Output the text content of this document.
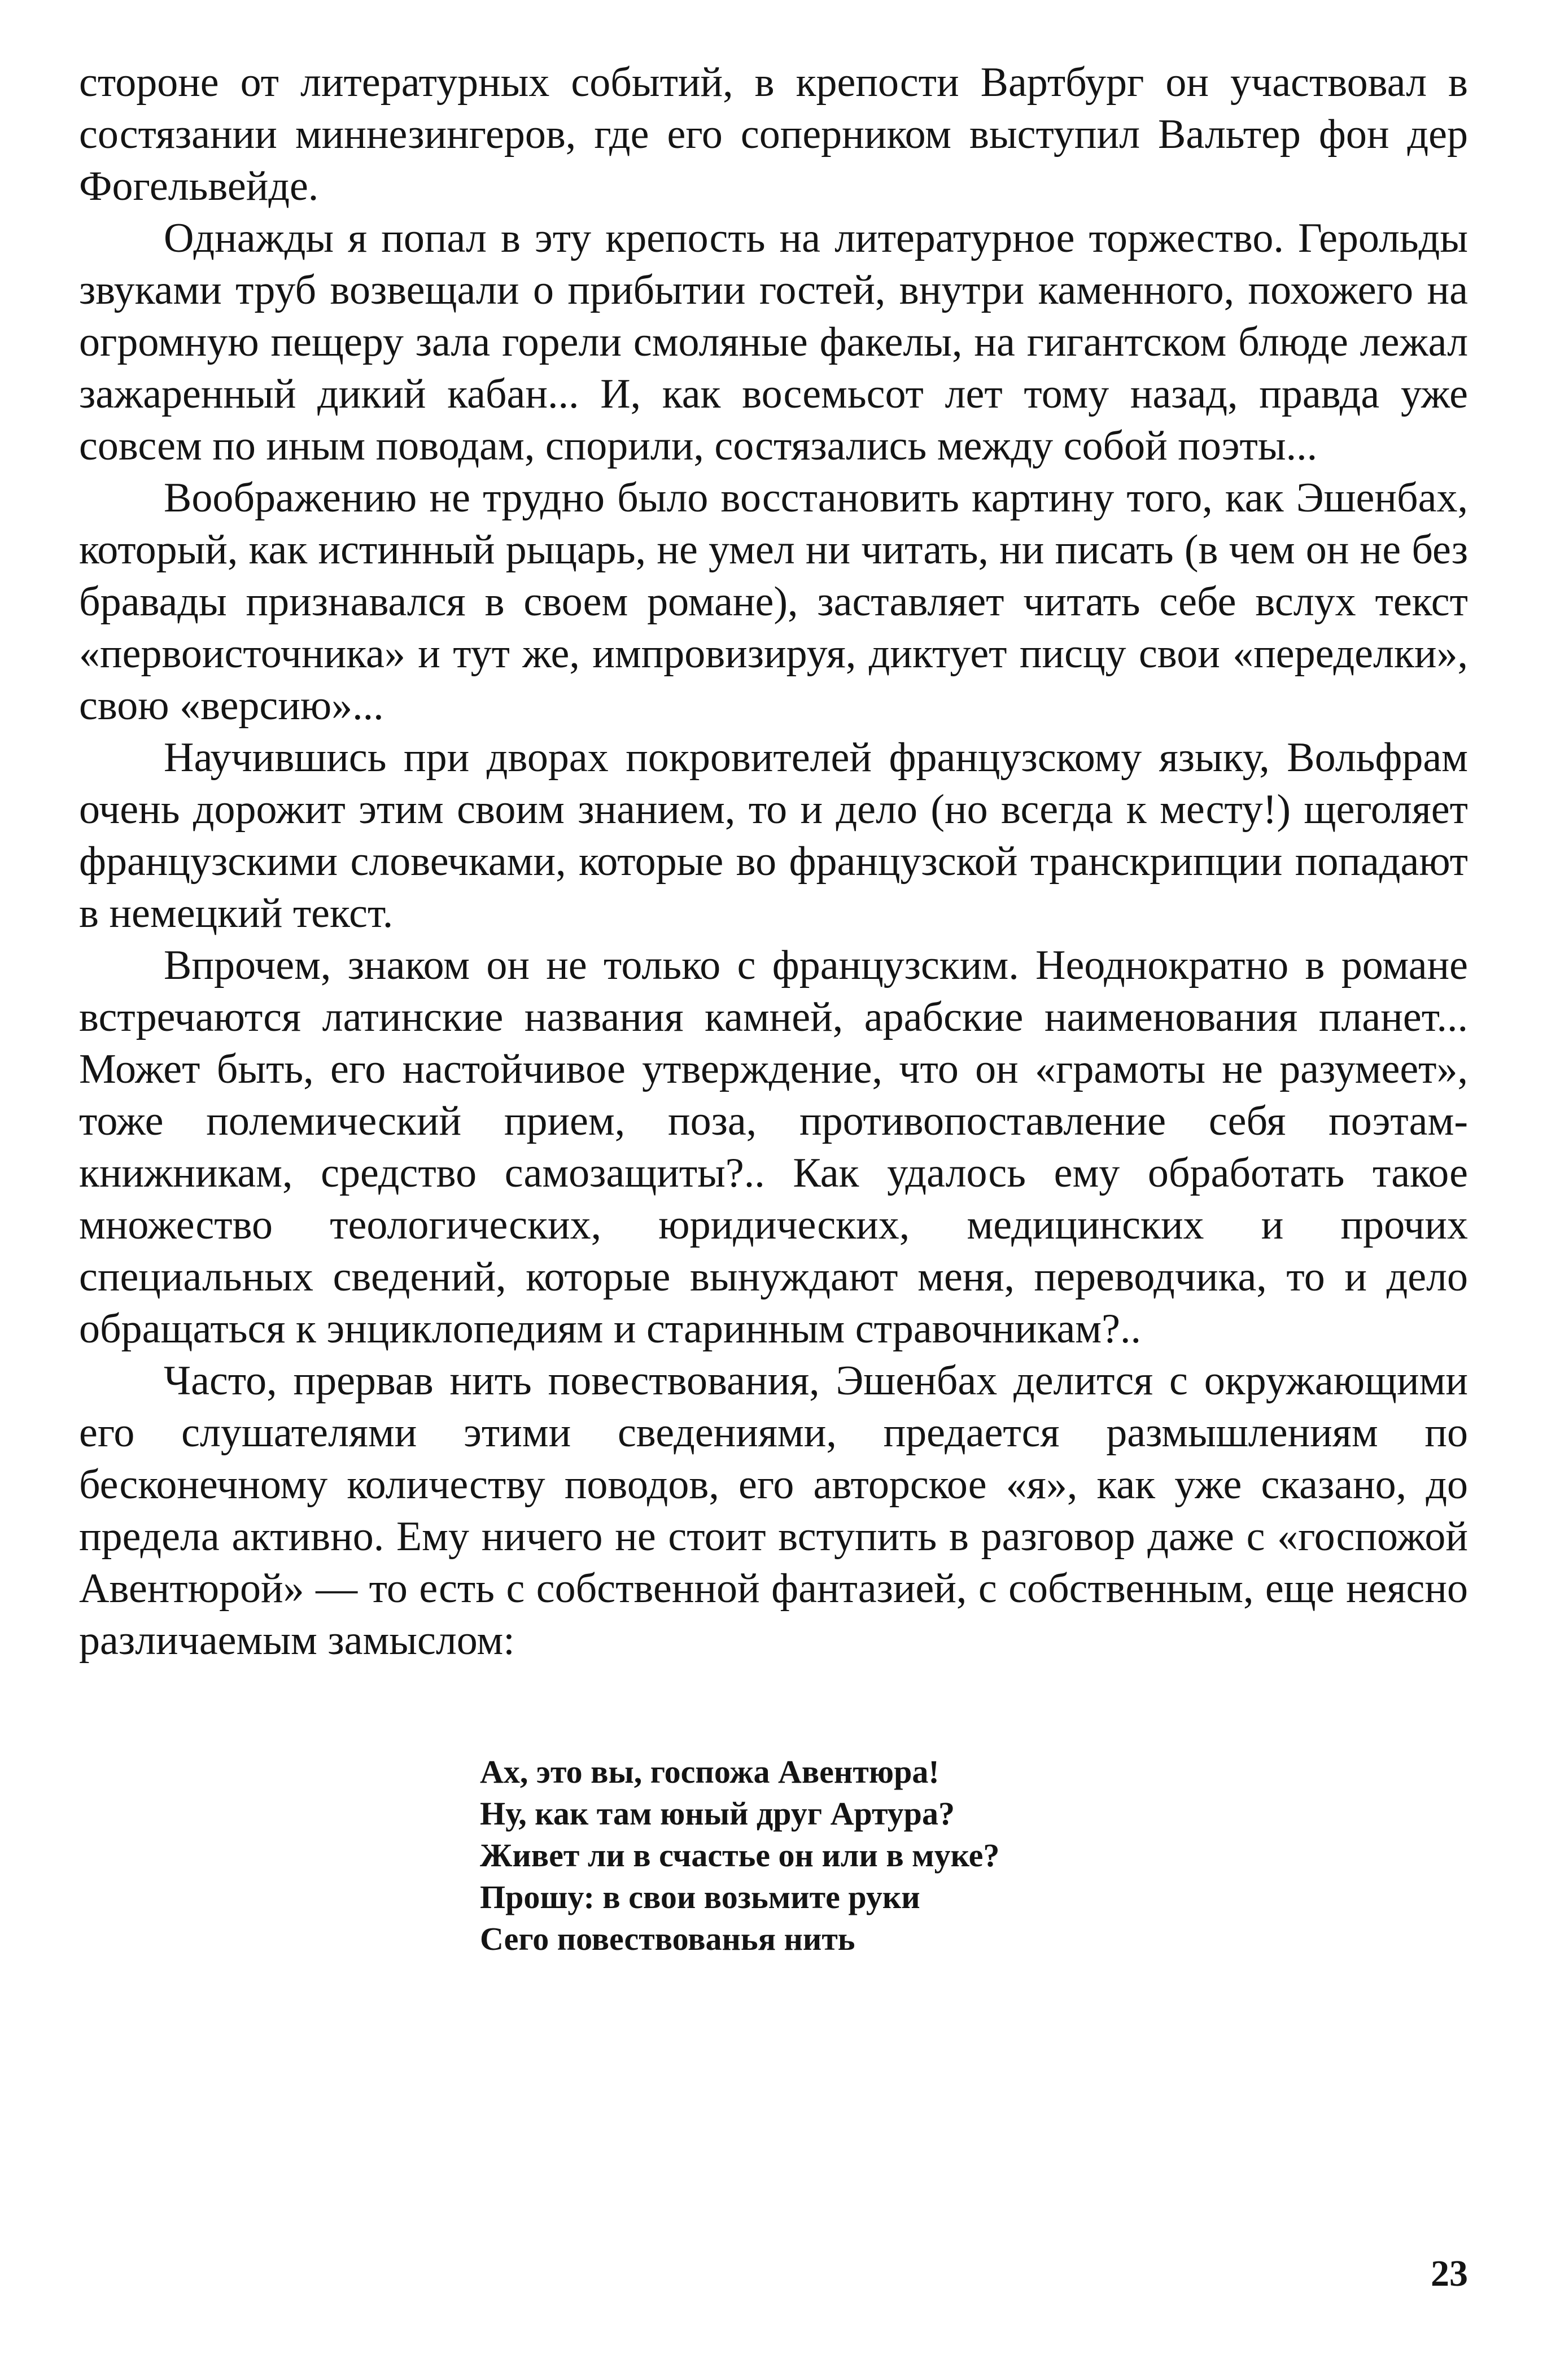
стороне от литературных событий, в крепости Вартбург он участвовал в состязании миннезингеров, где его соперником выступил Вальтер фон дер Фогельвейде.

Однажды я попал в эту крепость на литературное торжество. Герольды звуками труб возвещали о прибытии гостей, внутри каменного, похожего на огромную пещеру зала горели смоляные факелы, на гигантском блюде лежал зажаренный дикий кабан... И, как восемьсот лет тому назад, правда уже совсем по иным поводам, спорили, состязались между собой поэты...

Воображению не трудно было восстановить картину того, как Эшенбах, который, как истинный рыцарь, не умел ни читать, ни писать (в чем он не без бравады признавался в своем романе), заставляет читать себе вслух текст «первоисточника» и тут же, импровизируя, диктует писцу свои «переделки», свою «версию»...

Научившись при дворах покровителей французскому языку, Вольфрам очень дорожит этим своим знанием, то и дело (но всегда к месту!) щеголяет французскими словечками, которые во французской транскрипции попадают в немецкий текст.

Впрочем, знаком он не только с французским. Неоднократно в романе встречаются латинские названия камней, арабские наименования планет... Может быть, его настойчивое утверждение, что он «грамоты не разумеет», тоже полемический прием, поза, противопоставление себя поэтам-книжникам, средство самозащиты?.. Как удалось ему обработать такое множество теологических, юридических, медицинских и прочих специальных сведений, которые вынуждают меня, переводчика, то и дело обращаться к энциклопедиям и старинным стравочникам?..

Часто, прервав нить повествования, Эшенбах делится с окружающими его слушателями этими сведениями, предается размышлениям по бесконечному количеству поводов, его авторское «я», как уже сказано, до предела активно. Ему ничего не стоит вступить в разговор даже с «госпожой Авентюрой» — то есть с собственной фантазией, с собственным, еще неясно различаемым замыслом:

Ах, это вы, госпожа Авентюра!
Ну, как там юный друг Артура?
Живет ли в счастье он или в муке?
Прошу: в свои возьмите руки
Сего повествованья нить
23
